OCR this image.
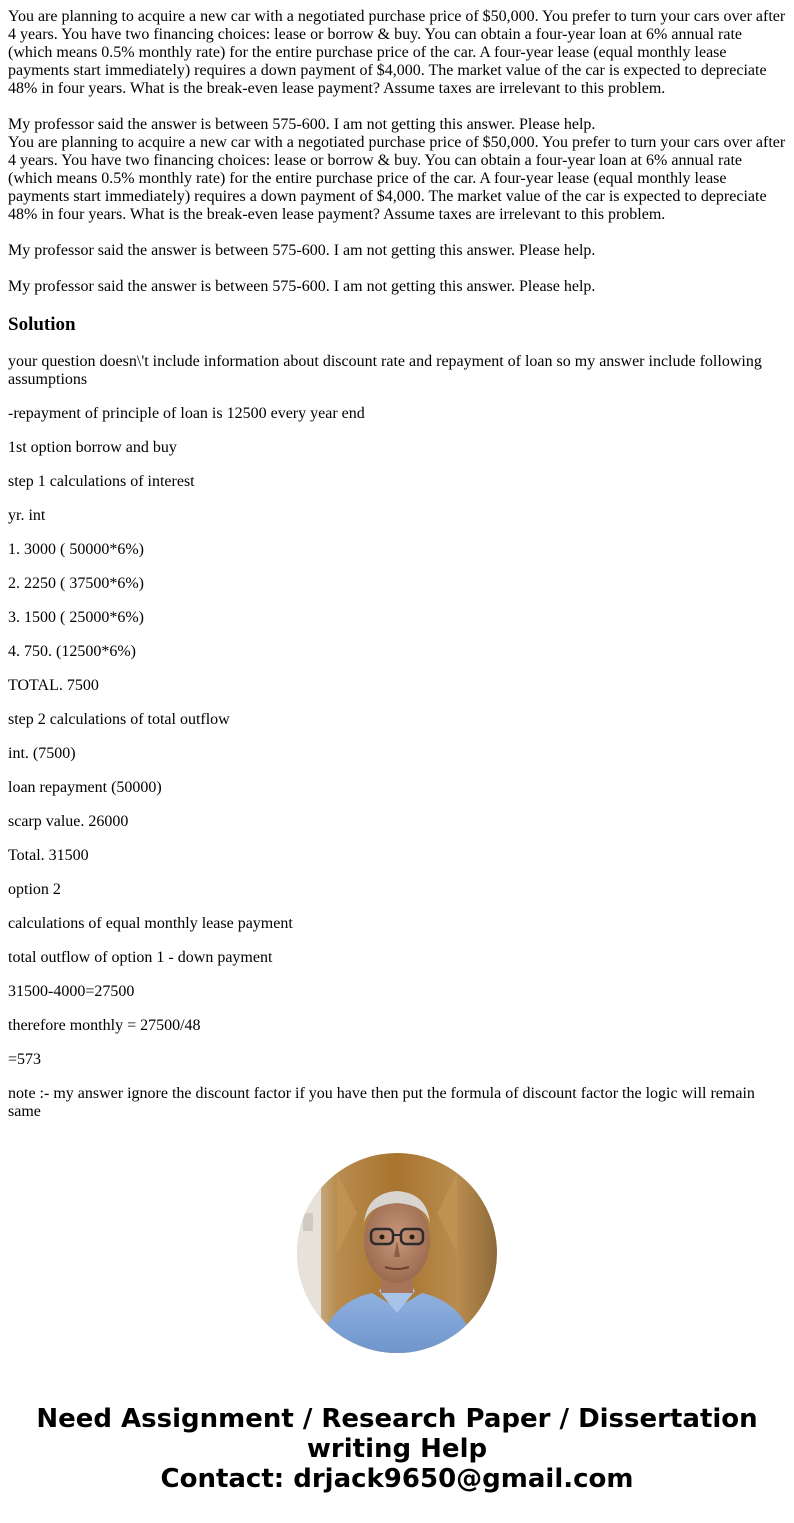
You are planning to acquire a new car with a negotiated purchase price of $50,000. You prefer to turn your cars over after 4 years. You have two financing choices: lease or borrow & buy. You can obtain a four-year loan at 6% annual rate (which means 0.5% monthly rate) for the entire purchase price of the car. A four-year lease (equal monthly lease payments start immediately) requires a down payment of $4,000. The market value of the car is expected to depreciate 48% in four years. What is the break-even lease payment? Assume taxes are irrelevant to this problem.

My professor said the answer is between 575-600. I am not getting this answer. Please help.

You are planning to acquire a new car with a negotiated purchase price of $50,000. You prefer to turn your cars over after 4 years. You have two financing choices: lease or borrow & buy. You can obtain a four-year loan at 6% annual rate (which means 0.5% monthly rate) for the entire purchase price of the car. A four-year lease (equal monthly lease payments start immediately) requires a down payment of $4,000. The market value of the car is expected to depreciate 48% in four years. What is the break-even lease payment? Assume taxes are irrelevant to this problem.

My professor said the answer is between 575-600. I am not getting this answer. Please help.

My professor said the answer is between 575-600. I am not getting this answer. Please help.

Solution

your question doesn\'t include information about discount rate and repayment of loan so my answer include following assumptions

-repayment of principle of loan is 12500 every year end

1st option borrow and buy

step 1 calculations of interest

yr. int

1. 3000 ( 50000*6%)

2. 2250 ( 37500*6%)

3. 1500 ( 25000*6%)

4. 750. (12500*6%)

TOTAL. 7500

step 2 calculations of total outflow

int. (7500)

loan repayment (50000)

scarp value. 26000

Total. 31500

option 2

calculations of equal monthly lease payment

total outflow of option 1 - down payment

31500-4000=27500

therefore monthly = 27500/48

=573

note :- my answer ignore the discount factor if you have then put the formula of discount factor the logic will remain same

Need Assignment / Research Paper / Dissertation
writing Help
Contact: drjack9650@gmail.com
